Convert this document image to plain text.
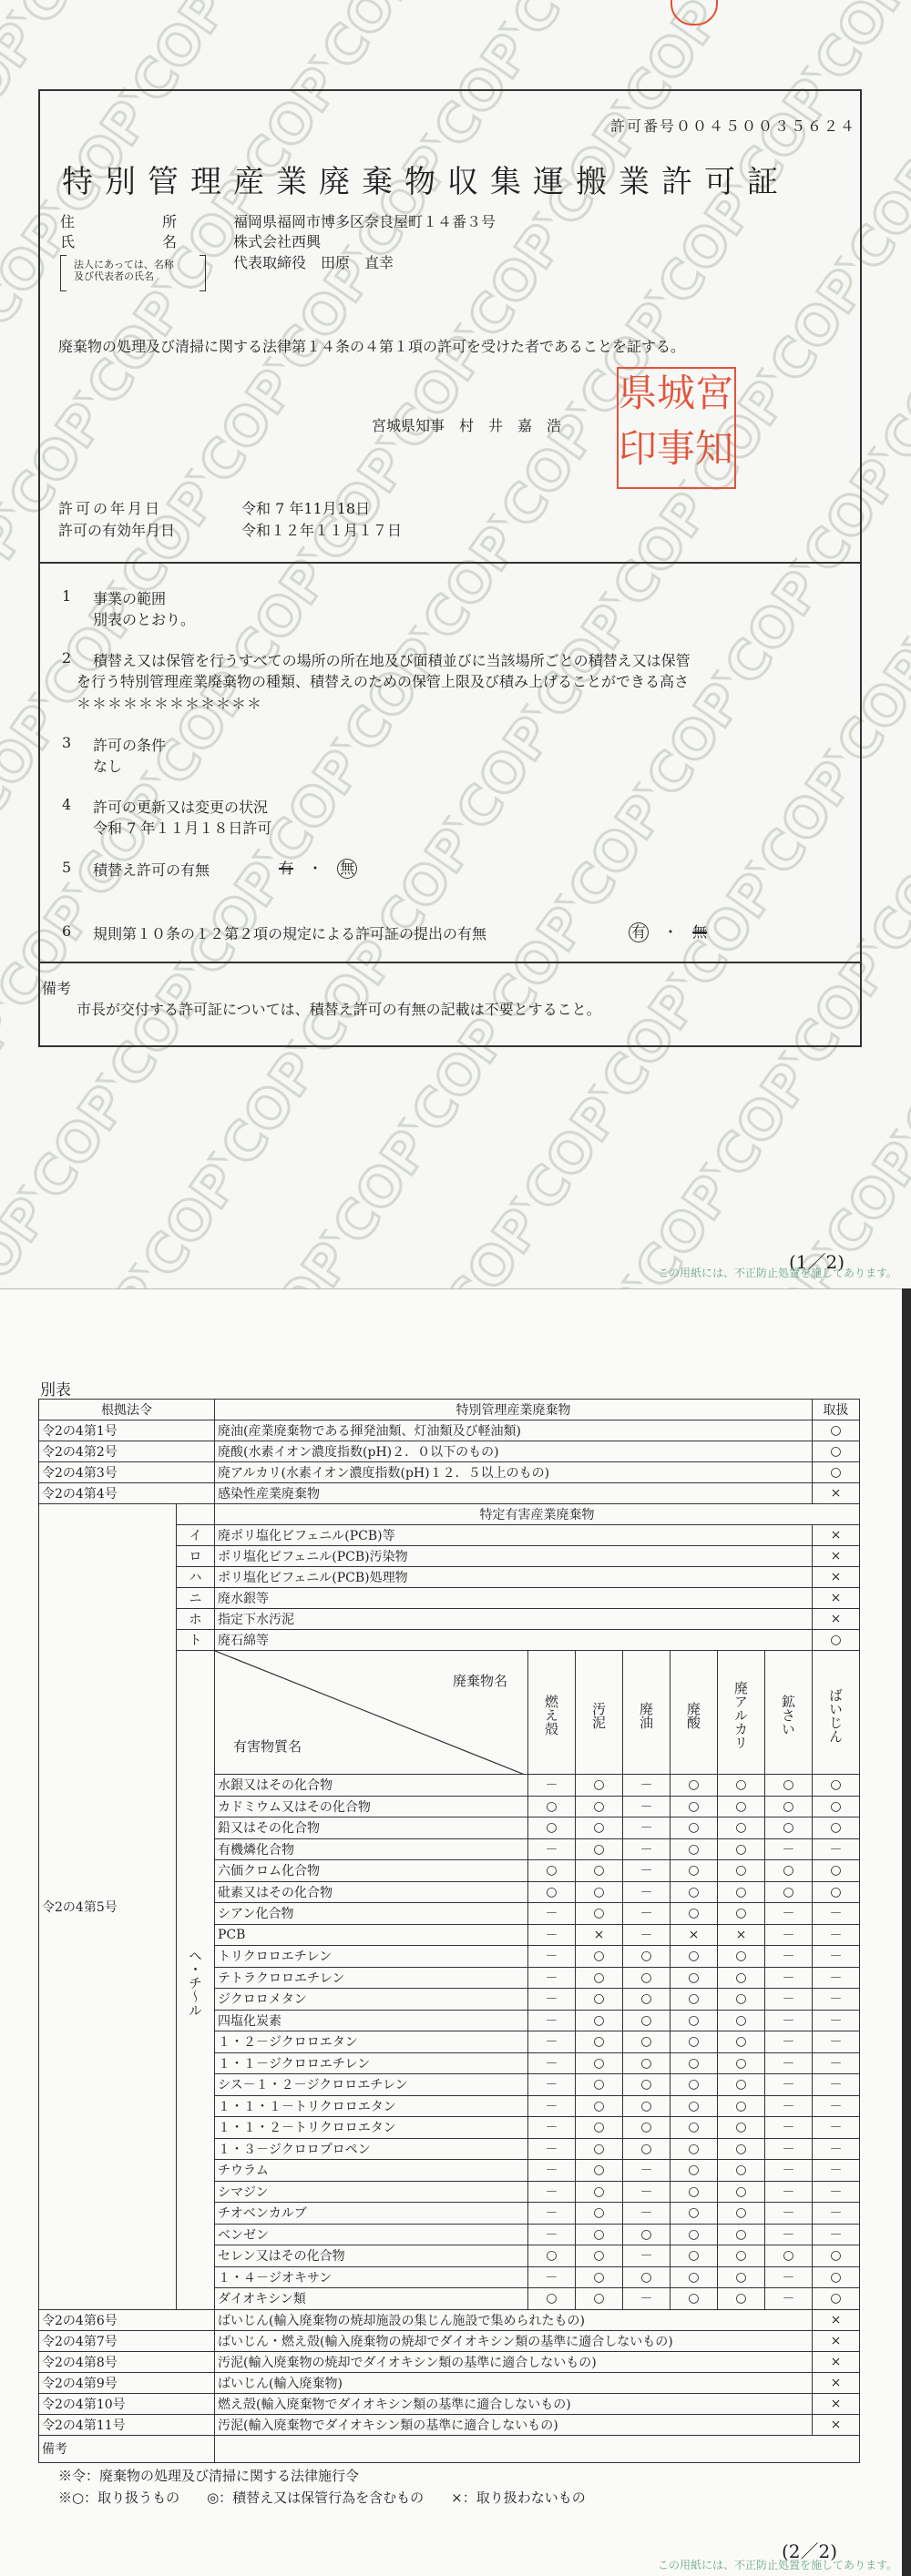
許可番号００４５００３５６２４
特別管理産業廃棄物収集運搬業許可証
住　　　　　　所	福岡県福岡市博多区奈良屋町１４番３号
氏　　　　　　名	株式会社西興
法人にあっては、名称
及び代表者の氏名
代表取締役　田原　直幸
廃棄物の処理及び清掃に関する法律第１４条の４第１項の許可を受けた者であることを証する。
宮城県知事　村　井　嘉　浩
宮城県
知事印
許可の年月日	令和 7 年11月18日
許可の有効年月日	令和１２年１１月１７日
1 事業の範囲
別表のとおり。
2 積替え又は保管を行うすべての場所の所在地及び面積並びに当該場所ごとの積替え又は保管
を行う特別管理産業廃棄物の種類、積替えのための保管上限及び積み上げることができる高さ
＊＊＊＊＊＊＊＊＊＊＊＊
3 許可の条件
なし
4 許可の更新又は変更の状況
令和 7 年１１月１８日許可
5 積替え許可の有無	有　 ・　 無
6 規則第１０条の１２第２項の規定による許可証の提出の有無	有　 ・　 無
備考
市長が交付する許可証については、積替え許可の有無の記載は不要とすること。
(1／2)
この用紙には、不正防止処置を施してあります。
別表
根拠法令		特別管理産業廃棄物							取扱
令2の4第1号		廃油(産業廃棄物である揮発油類、灯油類及び軽油類)							○
令2の4第2号		廃酸(水素イオン濃度指数(pH)２．０以下のもの)							○
令2の4第3号		廃アルカリ(水素イオン濃度指数(pH)１２．５以上のもの)							○
令2の4第4号		感染性産業廃棄物							×
令2の4第5号		特定有害産業廃棄物							
	イ	廃ポリ塩化ビフェニル(PCB)等							×
	ロ	ポリ塩化ビフェニル(PCB)汚染物							×
	ハ	ポリ塩化ビフェニル(PCB)処理物							×
	ニ	廃水銀等							×
	ホ	指定下水汚泥							×
	ト	廃石綿等							○
	ヘ・チ～ル	廃棄物名
有害物質名	燃え殻	汚泥	廃油	廃酸	廃アルカリ	鉱さい	ばいじん
		水銀又はその化合物	－	○	－	○	○	○	○
		カドミウム又はその化合物	○	○	－	○	○	○	○
		鉛又はその化合物	○	○	－	○	○	○	○
		有機燐化合物	－	○	－	○	○	－	－
		六価クロム化合物	○	○	－	○	○	○	○
		砒素又はその化合物	○	○	－	○	○	○	○
		シアン化合物	－	○	－	○	○	－	－
		PCB	－	×	－	×	×	－	－
		トリクロロエチレン	－	○	○	○	○	－	－
		テトラクロロエチレン	－	○	○	○	○	－	－
		ジクロロメタン	－	○	○	○	○	－	－
		四塩化炭素	－	○	○	○	○	－	－
		１・２－ジクロロエタン	－	○	○	○	○	－	－
		１・１－ジクロロエチレン	－	○	○	○	○	－	－
		シス－１・２－ジクロロエチレン	－	○	○	○	○	－	－
		１・１・１－トリクロロエタン	－	○	○	○	○	－	－
		１・１・２－トリクロロエタン	－	○	○	○	○	－	－
		１・３－ジクロロプロペン	－	○	○	○	○	－	－
		チウラム	－	○	－	○	○	－	－
		シマジン	－	○	－	○	○	－	－
		チオベンカルブ	－	○	－	○	○	－	－
		ベンゼン	－	○	○	○	○	－	－
		セレン又はその化合物	○	○	－	○	○	○	○
		１・４－ジオキサン	－	○	○	○	○	－	○
		ダイオキシン類	○	○	－	○	○	－	○
令2の4第6号		ばいじん(輸入廃棄物の焼却施設の集じん施設で集められたもの)							×
令2の4第7号		ばいじん・燃え殻(輸入廃棄物の焼却でダイオキシン類の基準に適合しないもの)							×
令2の4第8号		汚泥(輸入廃棄物の焼却でダイオキシン類の基準に適合しないもの)							×
令2の4第9号		ばいじん(輸入廃棄物)							×
令2の4第10号		燃え殻(輸入廃棄物でダイオキシン類の基準に適合しないもの)							×
令2の4第11号		汚泥(輸入廃棄物でダイオキシン類の基準に適合しないもの)							×
備考									
※令：廃棄物の処理及び清掃に関する法律施行令
※○：取り扱うもの　　◎：積替え又は保管行為を含むもの　　×：取り扱わないもの
(2／2)
この用紙には、不正防止処置を施してあります。
